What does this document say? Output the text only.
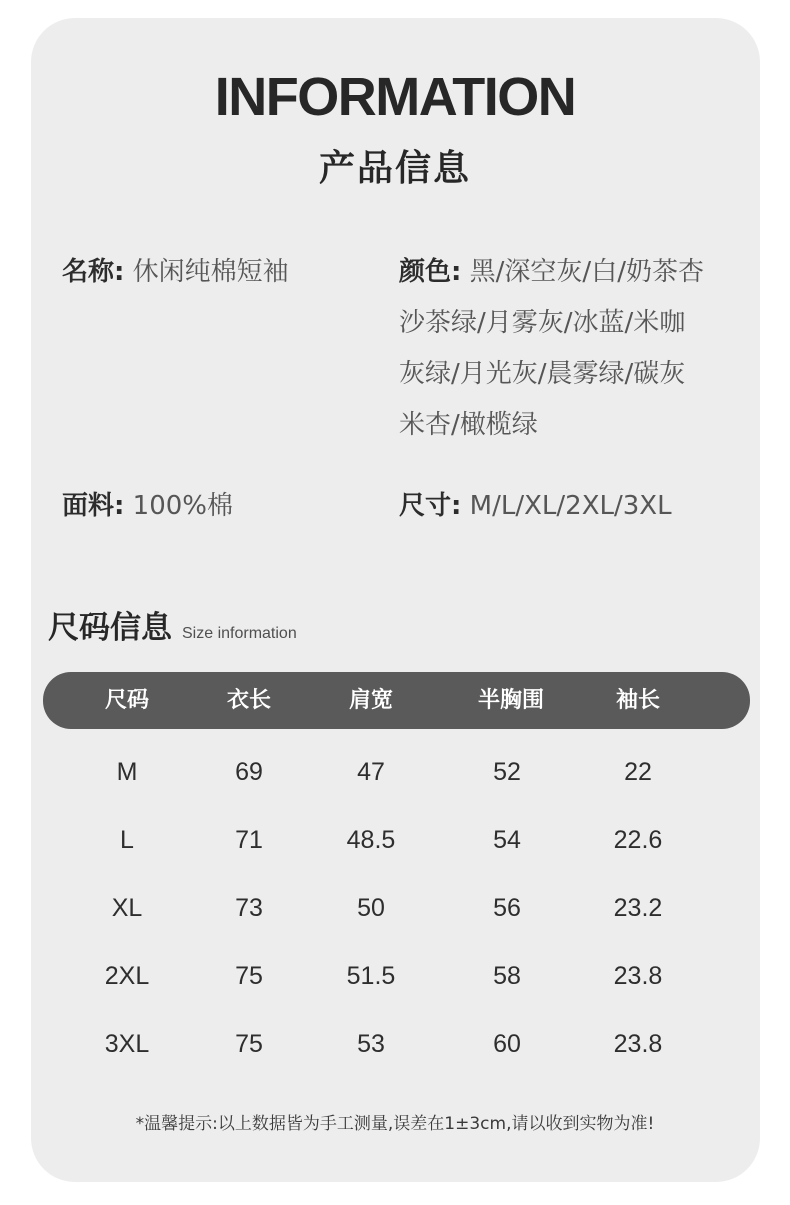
INFORMATION
产品信息
名称: 休闲纯棉短袖	颜色: 黑/深空灰/白/奶茶杏
沙茶绿/月雾灰/冰蓝/米咖
灰绿/月光灰/晨雾绿/碳灰
米杏/橄榄绿
面料: 100%棉	尺寸: M/L/XL/2XL/3XL
尺码信息 Size information
尺码	衣长	肩宽	半胸围	袖长
M	69	47	52	22
L	71	48.5	54	22.6
XL	73	50	56	23.2
2XL	75	51.5	58	23.8
3XL	75	53	60	23.8
*温馨提示:以上数据皆为手工测量,误差在1±3cm,请以收到实物为准!
